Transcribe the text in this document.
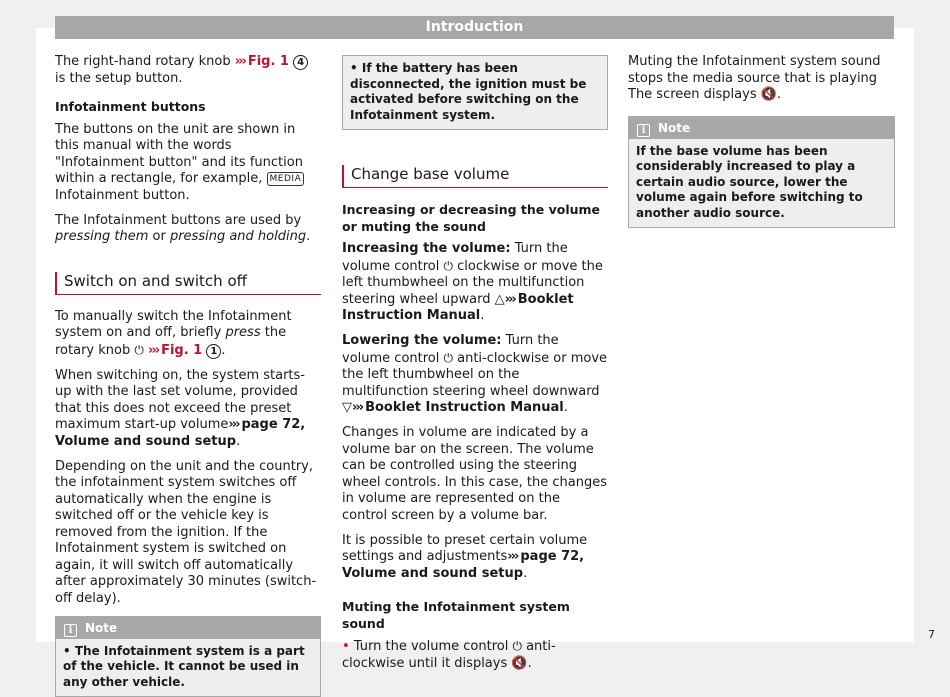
Introduction

The right-hand rotary knob ››› Fig. 1 4 is the setup button.

Infotainment buttons

The buttons on the unit are shown in this manual with the words "Infotainment button" and its function within a rectangle, for example, MEDIA Infotainment button.

The Infotainment buttons are used by pressing them or pressing and holding.

Switch on and switch off

To manually switch the Infotainment system on and off, briefly press the rotary knob ⏻ ››› Fig. 1 1 .

When switching on, the system starts-up with the last set volume, provided that this does not exceed the preset maximum start-up volume››› page 72, Volume and sound setup.

Depending on the unit and the country, the infotainment system switches off automatically when the engine is switched off or the vehicle key is removed from the ignition. If the Infotainment system is switched on again, it will switch off automatically after approximately 30 minutes (switch-off delay).

i Note
• The Infotainment system is a part of the vehicle. It cannot be used in any other vehicle.
• If the battery has been disconnected, the ignition must be activated before switching on the Infotainment system.
Change base volume
Increasing or decreasing the volume or muting the sound

Increasing the volume: Turn the volume control ⏻ clockwise or move the left thumbwheel on the multifunction steering wheel upward △››› Booklet Instruction Manual.

Lowering the volume: Turn the volume control ⏻ anti-clockwise or move the left thumbwheel on the multifunction steering wheel downward ▽››› Booklet Instruction Manual.

Changes in volume are indicated by a volume bar on the screen. The volume can be controlled using the steering wheel controls. In this case, the changes in volume are represented on the control screen by a volume bar.

It is possible to preset certain volume settings and adjustments››› page 72, Volume and sound setup.

Muting the Infotainment system sound

• Turn the volume control ⏻ anti-clockwise until it displays 🔇.

Muting the Infotainment system sound stops the media source that is playing The screen displays 🔇.

i Note
If the base volume has been considerably increased to play a certain audio source, lower the volume again before switching to another audio source.
7
